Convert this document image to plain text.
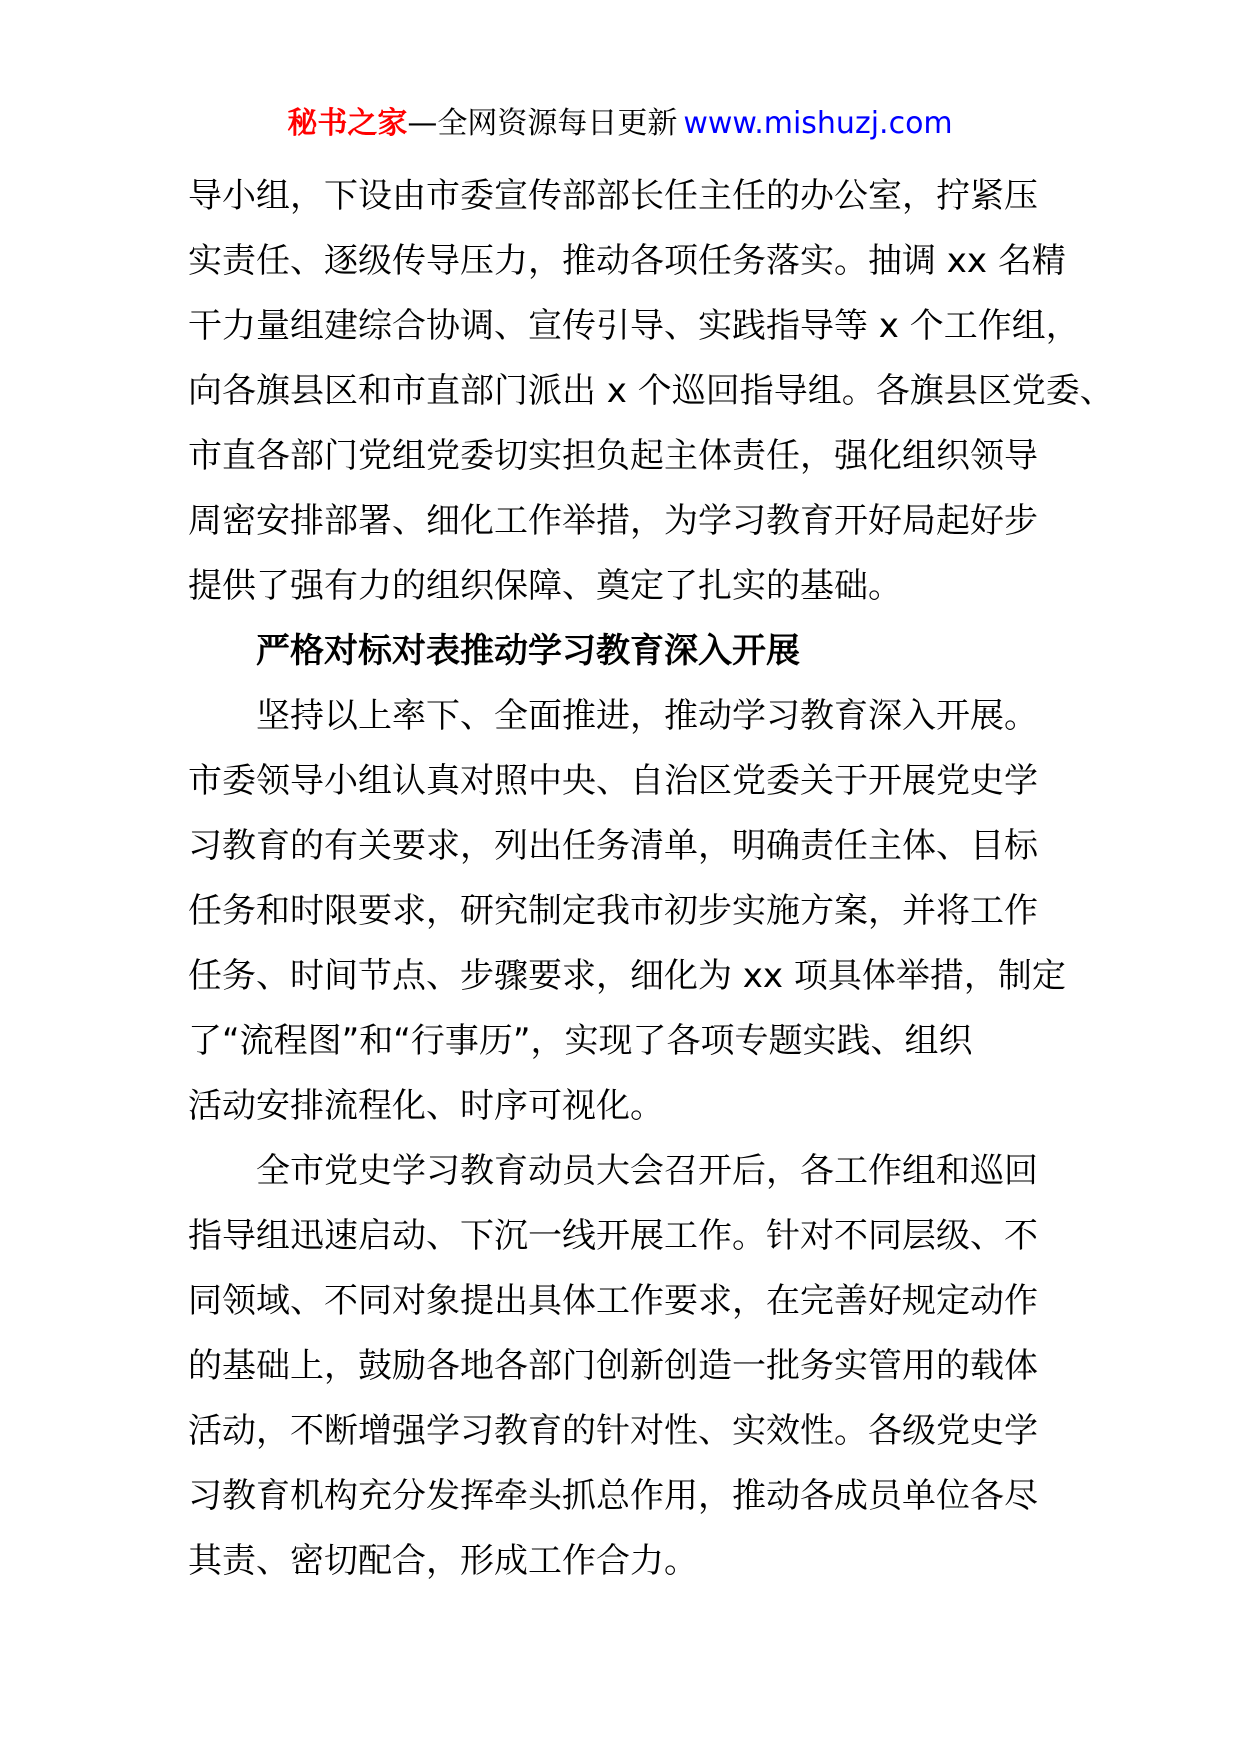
秘书之家—全网资源每日更新 www.mishuzj.com
导小组，下设由市委宣传部部长任主任的办公室，拧紧压
实责任、逐级传导压力，推动各项任务落实。抽调 xx 名精
干力量组建综合协调、宣传引导、实践指导等 x 个工作组，
向各旗县区和市直部门派出 x 个巡回指导组。各旗县区党委、
市直各部门党组党委切实担负起主体责任，强化组织领导
周密安排部署、细化工作举措，为学习教育开好局起好步
提供了强有力的组织保障、奠定了扎实的基础。
严格对标对表推动学习教育深入开展
坚持以上率下、全面推进，推动学习教育深入开展。
市委领导小组认真对照中央、自治区党委关于开展党史学
习教育的有关要求，列出任务清单，明确责任主体、目标
任务和时限要求，研究制定我市初步实施方案，并将工作
任务、时间节点、步骤要求，细化为 xx 项具体举措，制定
了“流程图”和“行事历”，实现了各项专题实践、组织
活动安排流程化、时序可视化。
全市党史学习教育动员大会召开后，各工作组和巡回
指导组迅速启动、下沉一线开展工作。针对不同层级、不
同领域、不同对象提出具体工作要求，在完善好规定动作
的基础上，鼓励各地各部门创新创造一批务实管用的载体
活动，不断增强学习教育的针对性、实效性。各级党史学
习教育机构充分发挥牵头抓总作用，推动各成员单位各尽
其责、密切配合，形成工作合力。
